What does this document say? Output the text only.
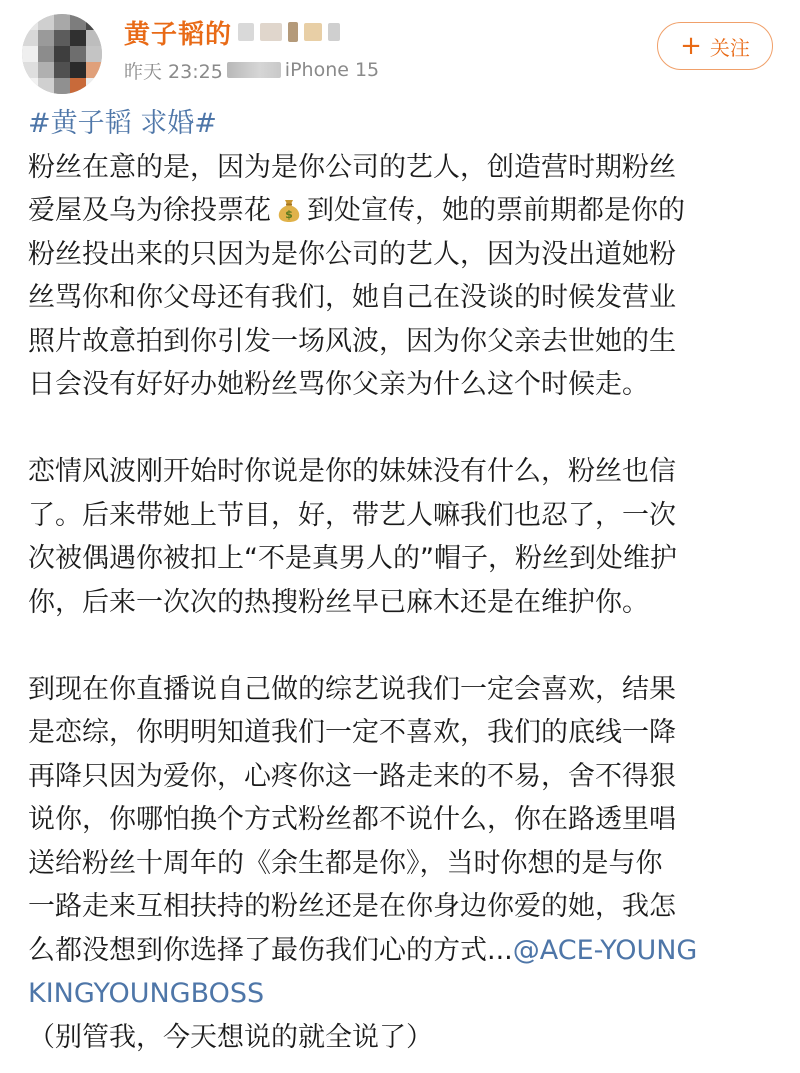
黄子韬的
昨天 23:25	iPhone 15
+ 关注
#黄子韬 求婚#
粉丝在意的是，因为是你公司的艺人，创造营时期粉丝
爱屋及乌为徐投票花 $ 到处宣传，她的票前期都是你的
粉丝投出来的只因为是你公司的艺人，因为没出道她粉
丝骂你和你父母还有我们，她自己在没谈的时候发营业
照片故意拍到你引发一场风波，因为你父亲去世她的生
日会没有好好办她粉丝骂你父亲为什么这个时候走。
恋情风波刚开始时你说是你的妹妹没有什么，粉丝也信
了。后来带她上节目，好，带艺人嘛我们也忍了，一次
次被偶遇你被扣上“不是真男人的”帽子，粉丝到处维护
你，后来一次次的热搜粉丝早已麻木还是在维护你。
到现在你直播说自己做的综艺说我们一定会喜欢，结果
是恋综，你明明知道我们一定不喜欢，我们的底线一降
再降只因为爱你，心疼你这一路走来的不易，舍不得狠
说你，你哪怕换个方式粉丝都不说什么，你在路透里唱
送给粉丝十周年的《余生都是你》，当时你想的是与你
一路走来互相扶持的粉丝还是在你身边你爱的她，我怎
么都没想到你选择了最伤我们心的方式...@ACE-YOUNG
KINGYOUNGBOSS
（别管我，今天想说的就全说了）
